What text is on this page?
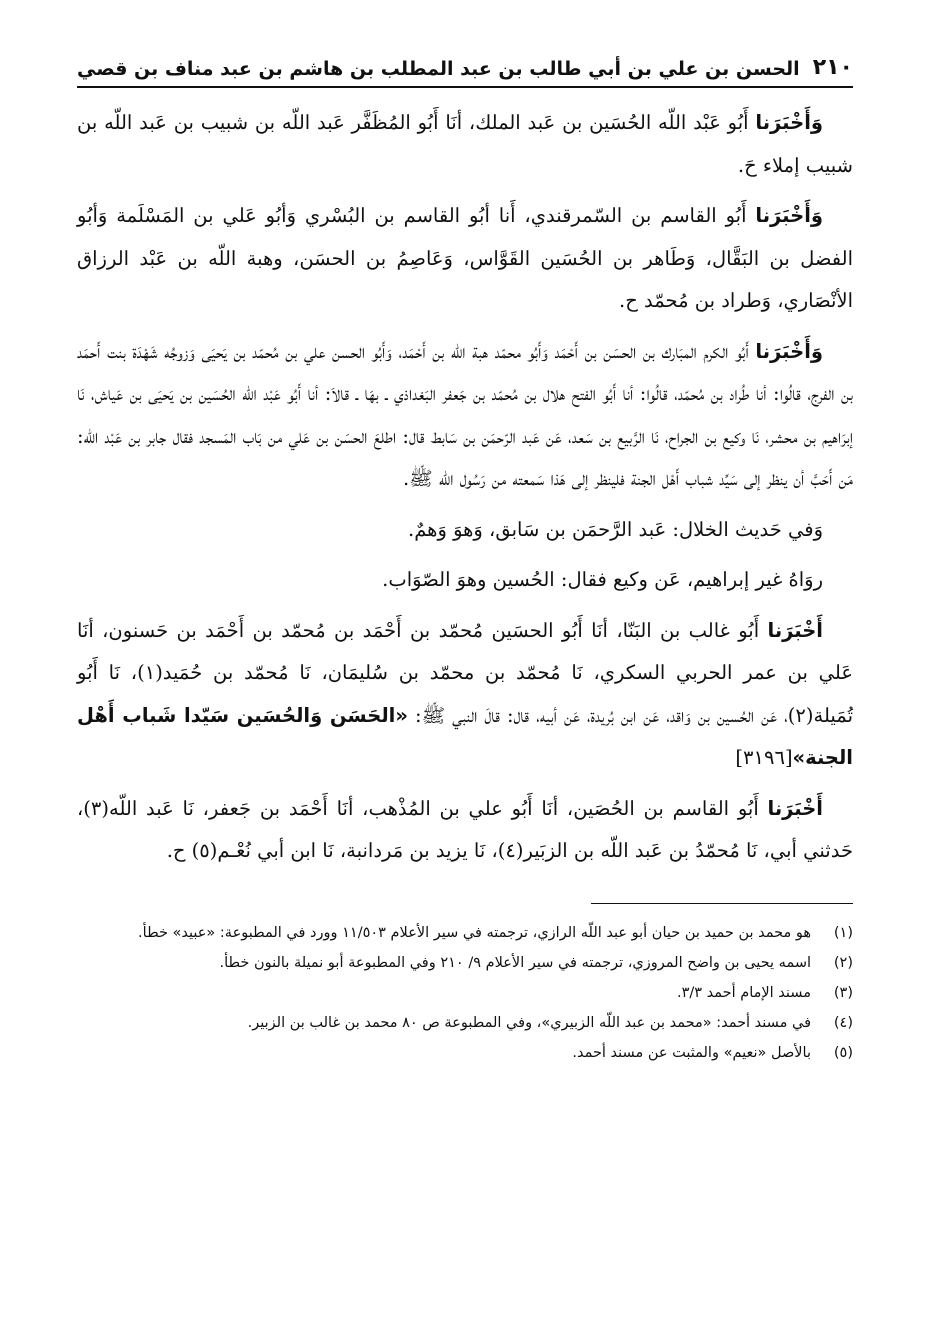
٢١٠
الحسن بن علي بن أبي طالب بن عبد المطلب بن هاشم بن عبد مناف بن قصي

وَأَخْبَرَنا أَبُو عَبْد اللّه الحُسَين بن عَبد الملك، أنَا أَبُو المُظَفَّر عَبد اللّه بن شبيب بن عَبد اللّه بن شبيب إملاء حَ.

وَأَخْبَرَنا أَبُو القاسم بن السّمرقندي، أَنا أبُو القاسم بن البُسْري وَأبُو عَلي بن المَسْلَمة وَأبُو الفضل بن البَقَّال، وَطَاهر بن الحُسَين القَوَّاس، وَعَاصِمُ بن الحسَن، وهبة اللّه بن عَبْد الرزاق الأنْصَاري، وَطراد بن مُحمّد ح.

وَأَخْبَرَنا أَبُو الكرم المبَارك بن الحسَن بن أَحْمَد وَأَبُو محمّد هبة اللّه بن أَحْمَد، وَأَبُو الحسن علي بن مُحمّد بن يَحيَى وَزوجُه شَهْدَة بنت أَحمَد بن الفرج، قالُوا: أنا طُراد بن مُحمّد، قالُوا: أنا أَبُو الفتح هلال بن مُحمّد بن جَعفر البَغداذي ـ بهَا ـ قالاَ: أنا أَبُو عَبْد اللّه الحُسَين بن يَحيَى بن عَياش، نَا إبرَاهيم بن محشر، نَا وكيع بن الجراح، نَا الرَّبيع بن سَعد، عَن عَبد الرّحمَن بن سَابط قال: اطلعَ الحسَن بن عَلي من بَاب المَسجد فقال جابر بن عَبْد اللّه: مَن أَحَبَّ أن ينظر إلى سَيِّد شباب أَهْل الجنة فلينظر إلى هَذا سَمعته من رَسُول الله ﷺ.

وَفي حَديث الخلال: عَبد الرَّحمَن بن سَابق، وَهوَ وَهمٌ.

روَاهُ غير إبراهيم، عَن وكيع فقال: الحُسين وهوَ الصّوَاب.

أَخْبَرَنا أَبُو غالب بن البَنّا، أنَا أَبُو الحسَين مُحمّد بن أَحْمَد بن مُحمّد بن أَحْمَد بن حَسنون، أنَا عَلي بن عمر الحربي السكري، نَا مُحمّد بن محمّد بن سُليمَان، نَا مُحمّد بن حُمَيد(١)، نَا أَبُو تُمَيلة(٢)، عَن الحُسين بن وَاقد، عَن ابن بُريدة، عَن أبيه، قال: قالَ النبي ﷺ: «الحَسَن وَالحُسَين سَيّدا شَباب أَهْل الجنة»[٣١٩٦]

أَخْبَرَنا أَبُو القاسم بن الحُصَين، أنَا أَبُو علي بن المُذْهب، أنَا أَحْمَد بن جَعفر، نَا عَبد اللّه(٣)، حَدثني أبي، نَا مُحمّدُ بن عَبد اللّه بن الزبَير(٤)، نَا يزيد بن مَردانبة، نَا ابن أبي نُعْـم(٥) ح.

(١)
هو محمد بن حميد بن حيان أبو عبد اللّه الرازي، ترجمته في سير الأعلام ١١/٥٠٣ وورد في المطبوعة: «عبيد» خطأ.
(٢)
اسمه يحيى بن واضح المروزي، ترجمته في سير الأعلام ٩/ ٢١٠ وفي المطبوعة أبو نميلة بالنون خطأ.
(٣)
مسند الإمام أحمد ٣/٣.
(٤)
في مسند أحمد: «محمد بن عبد اللّه الزبيري»، وفي المطبوعة ص ٨٠ محمد بن غالب بن الزبير.
(٥)
بالأصل «نعيم» والمثبت عن مسند أحمد.
